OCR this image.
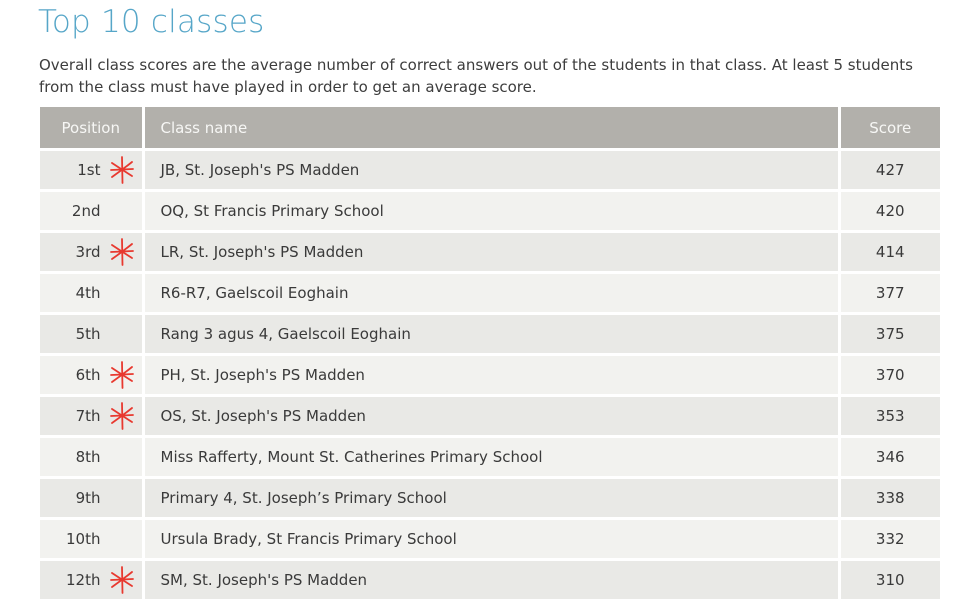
Top 10 classes

Overall class scores are the average number of correct answers out of the students in that class. At least 5 students from the class must have played in order to get an average score.

Position	Class name	Score

1st	JB, St. Joseph's PS Madden	427

2nd	OQ, St Francis Primary School	420

3rd	LR, St. Joseph's PS Madden	414

4th	R6-R7, Gaelscoil Eoghain	377

5th	Rang 3 agus 4, Gaelscoil Eoghain	375

6th	PH, St. Joseph's PS Madden	370

7th	OS, St. Joseph's PS Madden	353

8th	Miss Rafferty, Mount St. Catherines Primary School	346

9th	Primary 4, St. Joseph’s Primary School	338

10th	Ursula Brady, St Francis Primary School	332

12th	SM, St. Joseph's PS Madden	310
